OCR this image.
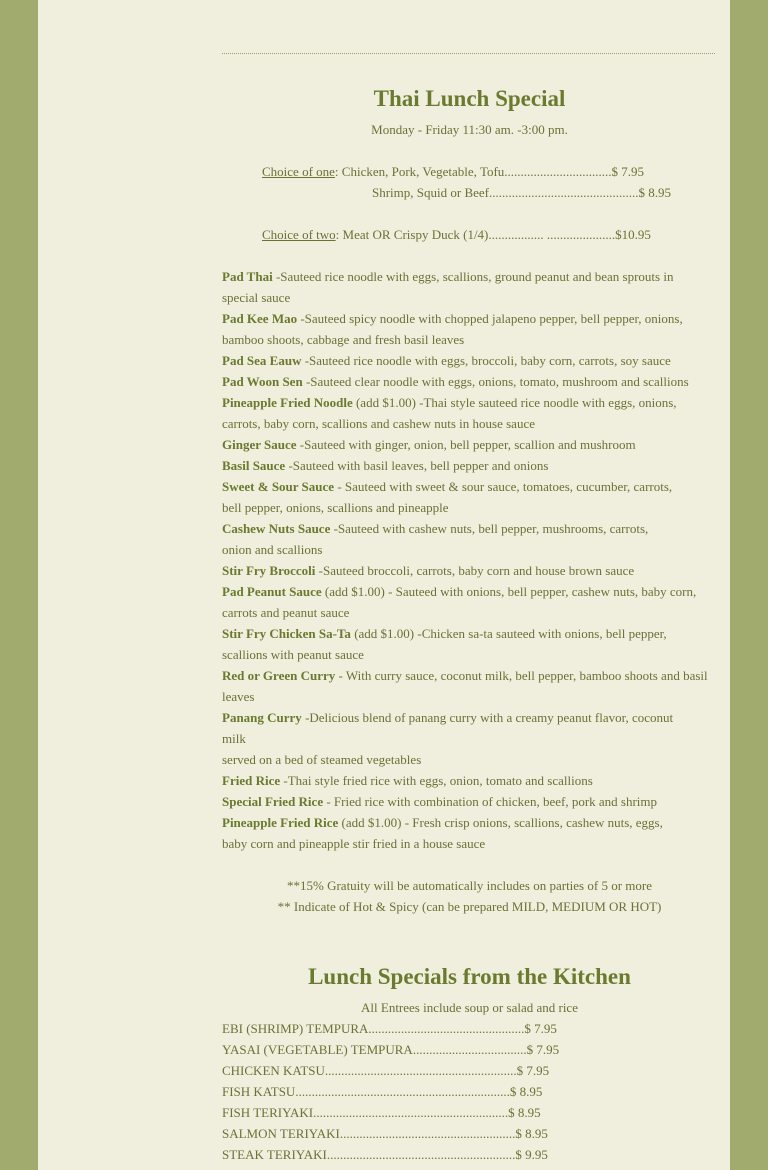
Thai Lunch Special
Monday - Friday 11:30 am. -3:00 pm.
Choice of one: Chicken, Pork, Vegetable, Tofu.................................$ 7.95
Shrimp, Squid or Beef..............................................$ 8.95
Choice of two: Meat OR Crispy Duck (1/4)................. .....................$10.95
Pad Thai -Sauteed rice noodle with eggs, scallions, ground peanut and bean sprouts in special sauce
Pad Kee Mao -Sauteed spicy noodle with chopped jalapeno pepper, bell pepper, onions, bamboo shoots, cabbage and fresh basil leaves
Pad Sea Eauw -Sauteed rice noodle with eggs, broccoli, baby corn, carrots, soy sauce
Pad Woon Sen -Sauteed clear noodle with eggs, onions, tomato, mushroom and scallions
Pineapple Fried Noodle (add $1.00) -Thai style sauteed rice noodle with eggs, onions, carrots, baby corn, scallions and cashew nuts in house sauce
Ginger Sauce -Sauteed with ginger, onion, bell pepper, scallion and mushroom
Basil Sauce -Sauteed with basil leaves, bell pepper and onions
Sweet & Sour Sauce - Sauteed with sweet & sour sauce, tomatoes, cucumber, carrots, bell pepper, onions, scallions and pineapple
Cashew Nuts Sauce -Sauteed with cashew nuts, bell pepper, mushrooms, carrots, onion and scallions
Stir Fry Broccoli -Sauteed broccoli, carrots, baby corn and house brown sauce
Pad Peanut Sauce (add $1.00) - Sauteed with onions, bell pepper, cashew nuts, baby corn, carrots and peanut sauce
Stir Fry Chicken Sa-Ta (add $1.00) -Chicken sa-ta sauteed with onions, bell pepper, scallions with peanut sauce
Red or Green Curry - With curry sauce, coconut milk, bell pepper, bamboo shoots and basil leaves
Panang Curry -Delicious blend of panang curry with a creamy peanut flavor, coconut milk
served on a bed of steamed vegetables
Fried Rice -Thai style fried rice with eggs, onion, tomato and scallions
Special Fried Rice - Fried rice with combination of chicken, beef, pork and shrimp
Pineapple Fried Rice (add $1.00) - Fresh crisp onions, scallions, cashew nuts, eggs, baby corn and pineapple stir fried in a house sauce
**15% Gratuity will be automatically includes on parties of 5 or more
** Indicate of Hot & Spicy (can be prepared MILD, MEDIUM OR HOT)
Lunch Specials from the Kitchen
All Entrees include soup or salad and rice
EBI (SHRIMP) TEMPURA................................................$ 7.95
YASAI (VEGETABLE) TEMPURA...................................$ 7.95
CHICKEN KATSU...........................................................$ 7.95
FISH KATSU..................................................................$ 8.95
FISH TERIYAKI............................................................$ 8.95
SALMON TERIYAKI......................................................$ 8.95
STEAK TERIYAKI..........................................................$ 9.95
